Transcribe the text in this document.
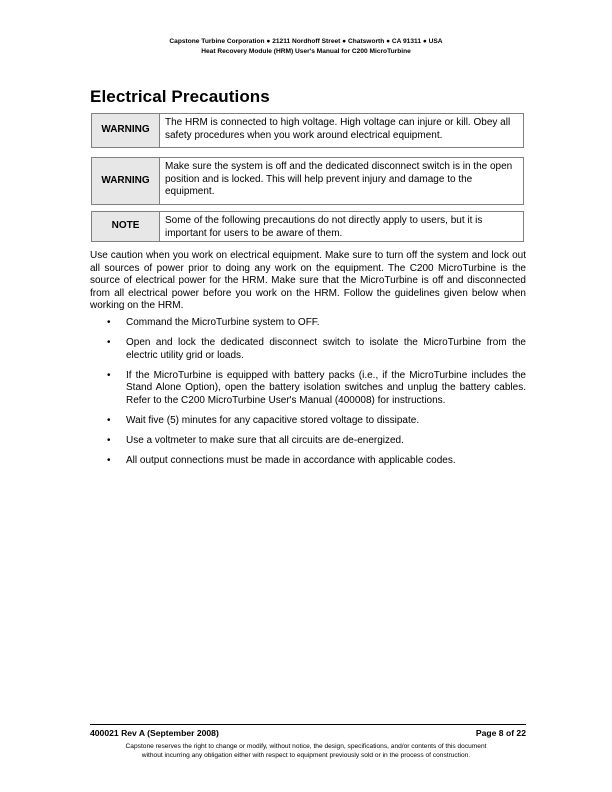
Capstone Turbine Corporation ● 21211 Nordhoff Street ● Chatsworth ● CA 91311 ● USA
Heat Recovery Module (HRM) User's Manual for C200 MicroTurbine
Electrical Precautions
WARNING
The HRM is connected to high voltage. High voltage can injure or kill. Obey all safety procedures when you work around electrical equipment.
WARNING
Make sure the system is off and the dedicated disconnect switch is in the open position and is locked. This will help prevent injury and damage to the equipment.
NOTE	Some of the following precautions do not directly apply to users, but it is important for users to be aware of them.

Use caution when you work on electrical equipment. Make sure to turn off the system and lock out all sources of power prior to doing any work on the equipment. The C200 MicroTurbine is the source of electrical power for the HRM. Make sure that the MicroTurbine is off and disconnected from all electrical power before you work on the HRM. Follow the guidelines given below when working on the HRM.

• Command the MicroTurbine system to OFF.
• Open and lock the dedicated disconnect switch to isolate the MicroTurbine from the electric utility grid or loads.
• If the MicroTurbine is equipped with battery packs (i.e., if the MicroTurbine includes the Stand Alone Option), open the battery isolation switches and unplug the battery cables. Refer to the C200 MicroTurbine User's Manual (400008) for instructions.
• Wait five (5) minutes for any capacitive stored voltage to dissipate.
• Use a voltmeter to make sure that all circuits are de-energized.
• All output connections must be made in accordance with applicable codes.
400021 Rev A (September 2008)	Page 8 of 22
Capstone reserves the right to change or modify, without notice, the design, specifications, and/or contents of this document
without incurring any obligation either with respect to equipment previously sold or in the process of construction.
